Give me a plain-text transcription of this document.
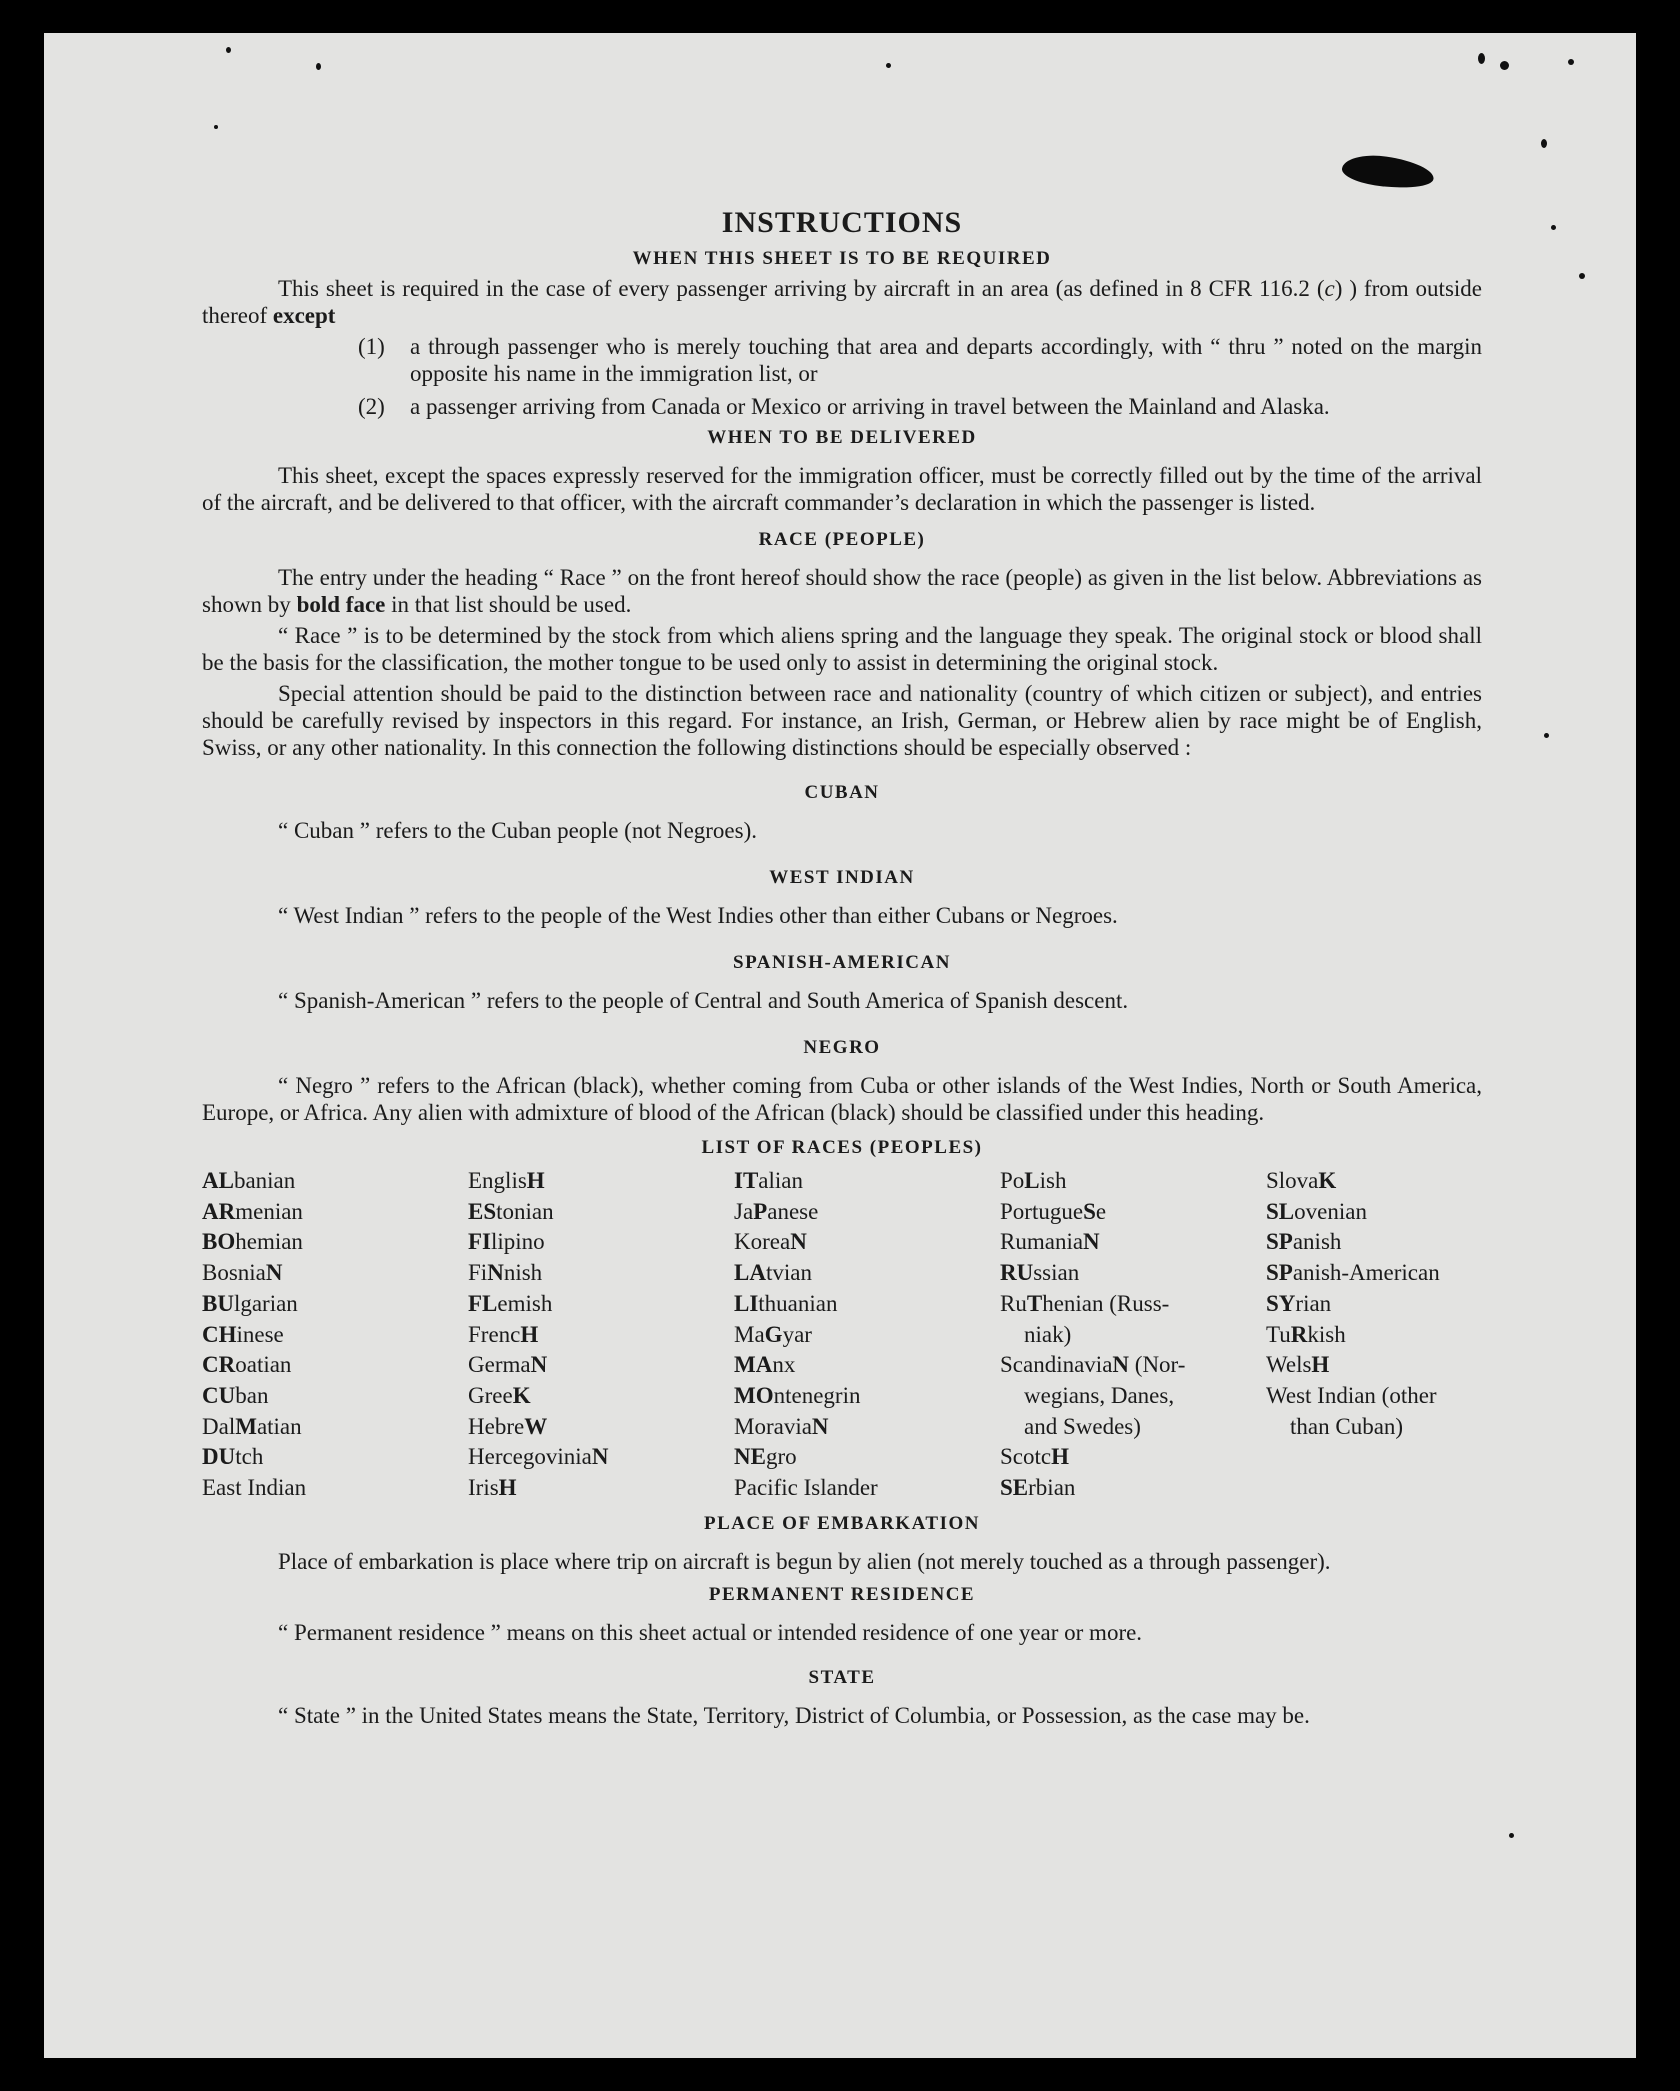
INSTRUCTIONS
WHEN THIS SHEET IS TO BE REQUIRED

This sheet is required in the case of every passenger arriving by aircraft in an area (as defined in 8 CFR 116.2 (c) ) from outside thereof except

(1)	a through passenger who is merely touching that area and departs accordingly, with “ thru ” noted on the margin opposite his name in the immigration list, or
(2)	a passenger arriving from Canada or Mexico or arriving in travel between the Mainland and Alaska.
WHEN TO BE DELIVERED

This sheet, except the spaces expressly reserved for the immigration officer, must be correctly filled out by the time of the arrival of the aircraft, and be delivered to that officer, with the aircraft commander’s declaration in which the passenger is listed.

RACE (PEOPLE)

The entry under the heading “ Race ” on the front hereof should show the race (people) as given in the list below. Abbreviations as shown by bold face in that list should be used.

“ Race ” is to be determined by the stock from which aliens spring and the language they speak. The original stock or blood shall be the basis for the classification, the mother tongue to be used only to assist in determining the original stock.

Special attention should be paid to the distinction between race and nationality (country of which citizen or subject), and entries should be carefully revised by inspectors in this regard. For instance, an Irish, German, or Hebrew alien by race might be of English, Swiss, or any other nationality. In this connection the following distinctions should be especially observed :

CUBAN

“ Cuban ” refers to the Cuban people (not Negroes).

WEST INDIAN

“ West Indian ” refers to the people of the West Indies other than either Cubans or Negroes.

SPANISH-AMERICAN

“ Spanish-American ” refers to the people of Central and South America of Spanish descent.

NEGRO

“ Negro ” refers to the African (black), whether coming from Cuba or other islands of the West Indies, North or South America, Europe, or Africa. Any alien with admixture of blood of the African (black) should be classified under this heading.

LIST OF RACES (PEOPLES)
ALbanian
ARmenian
BOhemian
BosniaN
BUlgarian
CHinese
CRoatian
CUban
DalMatian
DUtch
East Indian
EnglisH
EStonian
FIlipino
FiNnish
FLemish
FrencH
GermaN
GreeK
HebreW
HercegoviniaN
IrisH
ITalian
JaPanese
KoreaN
LAtvian
LIthuanian
MaGyar
MAnx
MOntenegrin
MoraviaN
NEgro
Pacific Islander
PoLish
PortugueSe
RumaniaN
RUssian
RuThenian (Russ-
niak)
ScandinaviaN (Nor-
wegians, Danes,
and Swedes)
ScotcH
SErbian
SlovaK
SLovenian
SPanish
SPanish-American
SYrian
TuRkish
WelsH
West Indian (other
than Cuban)

PLACE OF EMBARKATION

Place of embarkation is place where trip on aircraft is begun by alien (not merely touched as a through passenger).

PERMANENT RESIDENCE

“ Permanent residence ” means on this sheet actual or intended residence of one year or more.

STATE

“ State ” in the United States means the State, Territory, District of Columbia, or Possession, as the case may be.
